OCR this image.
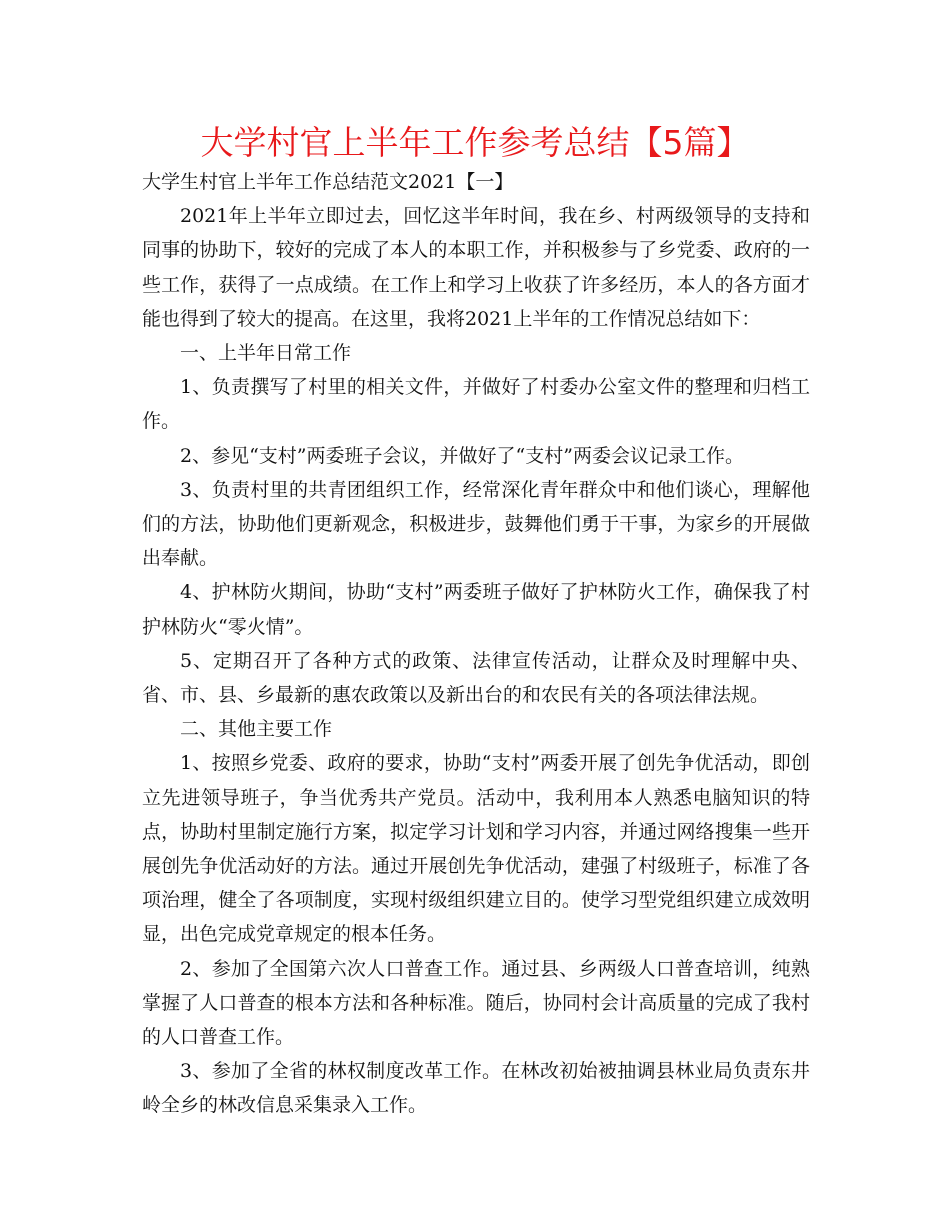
大学村官上半年工作参考总结【5篇】

大学生村官上半年工作总结范文2021【一】

2021年上半年立即过去，回忆这半年时间，我在乡、村两级领导的支持和同事的协助下，较好的完成了本人的本职工作，并积极参与了乡党委、政府的一些工作，获得了一点成绩。在工作上和学习上收获了许多经历，本人的各方面才能也得到了较大的提高。在这里，我将2021上半年的工作情况总结如下：

一、上半年日常工作

1、负责撰写了村里的相关文件，并做好了村委办公室文件的整理和归档工作。

2、参见“支村”两委班子会议，并做好了“支村”两委会议记录工作。

3、负责村里的共青团组织工作，经常深化青年群众中和他们谈心，理解他们的方法，协助他们更新观念，积极进步，鼓舞他们勇于干事，为家乡的开展做出奉献。

4、护林防火期间，协助“支村”两委班子做好了护林防火工作，确保我了村护林防火“零火情”。

5、定期召开了各种方式的政策、法律宣传活动，让群众及时理解中央、省、市、县、乡最新的惠农政策以及新出台的和农民有关的各项法律法规。

二、其他主要工作

1、按照乡党委、政府的要求，协助“支村”两委开展了创先争优活动，即创立先进领导班子，争当优秀共产党员。活动中，我利用本人熟悉电脑知识的特点，协助村里制定施行方案，拟定学习计划和学习内容，并通过网络搜集一些开展创先争优活动好的方法。通过开展创先争优活动，建强了村级班子，标准了各项治理，健全了各项制度，实现村级组织建立目的。使学习型党组织建立成效明显，出色完成党章规定的根本任务。

2、参加了全国第六次人口普查工作。通过县、乡两级人口普查培训，纯熟掌握了人口普查的根本方法和各种标准。随后，协同村会计高质量的完成了我村的人口普查工作。

3、参加了全省的林权制度改革工作。在林改初始被抽调县林业局负责东井岭全乡的林改信息采集录入工作。
